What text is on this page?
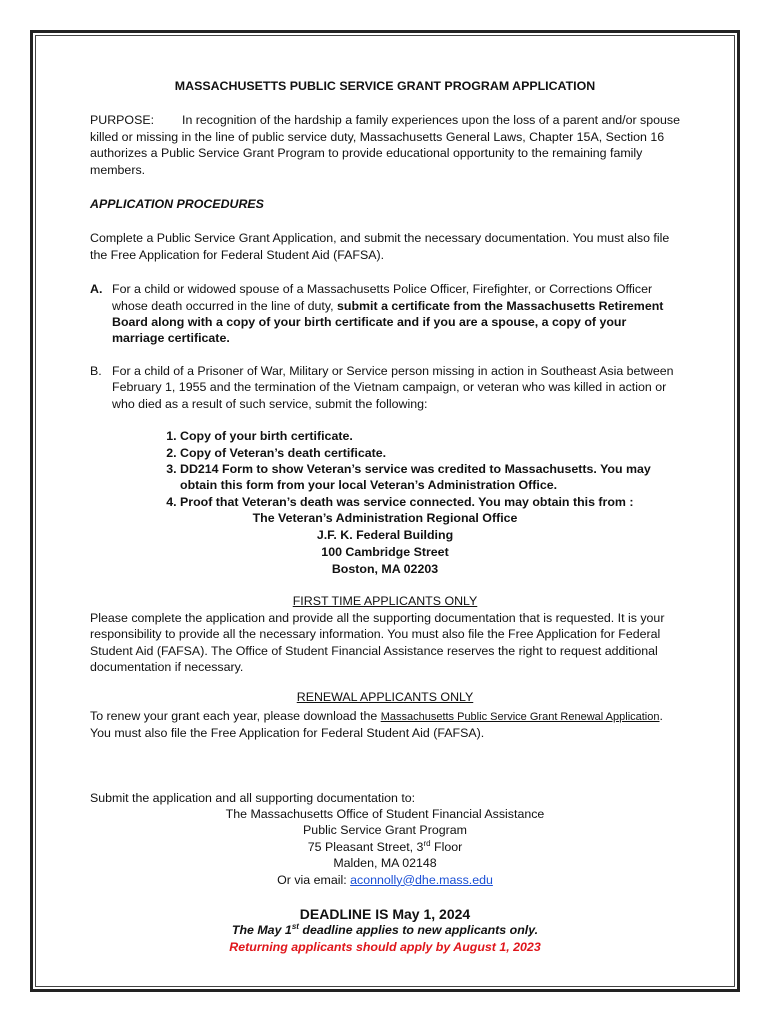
MASSACHUSETTS PUBLIC SERVICE GRANT PROGRAM APPLICATION

PURPOSE: In recognition of the hardship a family experiences upon the loss of a parent and/or spouse killed or missing in the line of public service duty, Massachusetts General Laws, Chapter 15A, Section 16 authorizes a Public Service Grant Program to provide educational opportunity to the remaining family members.

APPLICATION PROCEDURES

Complete a Public Service Grant Application, and submit the necessary documentation. You must also file the Free Application for Federal Student Aid (FAFSA).

A. For a child or widowed spouse of a Massachusetts Police Officer, Firefighter, or Corrections Officer whose death occurred in the line of duty, submit a certificate from the Massachusetts Retirement Board along with a copy of your birth certificate and if you are a spouse, a copy of your marriage certificate.
B. For a child of a Prisoner of War, Military or Service person missing in action in Southeast Asia between February 1, 1955 and the termination of the Vietnam campaign, or veteran who was killed in action or who died as a result of such service, submit the following:
1. Copy of your birth certificate.
2. Copy of Veteran’s death certificate.
3. DD214 Form to show Veteran’s service was credited to Massachusetts. You may obtain this form from your local Veteran’s Administration Office.
4. Proof that Veteran’s death was service connected. You may obtain this from :
The Veteran’s Administration Regional Office
J.F. K. Federal Building
100 Cambridge Street
Boston, MA 02203
FIRST TIME APPLICANTS ONLY

Please complete the application and provide all the supporting documentation that is requested. It is your responsibility to provide all the necessary information. You must also file the Free Application for Federal Student Aid (FAFSA). The Office of Student Financial Assistance reserves the right to request additional documentation if necessary.

RENEWAL APPLICANTS ONLY

To renew your grant each year, please download the Massachusetts Public Service Grant Renewal Application. You must also file the Free Application for Federal Student Aid (FAFSA).

Submit the application and all supporting documentation to:

The Massachusetts Office of Student Financial Assistance
Public Service Grant Program
75 Pleasant Street, 3rd Floor
Malden, MA 02148
Or via email: aconnolly@dhe.mass.edu
DEADLINE IS May 1, 2024
The May 1st deadline applies to new applicants only.
Returning applicants should apply by August 1, 2023
